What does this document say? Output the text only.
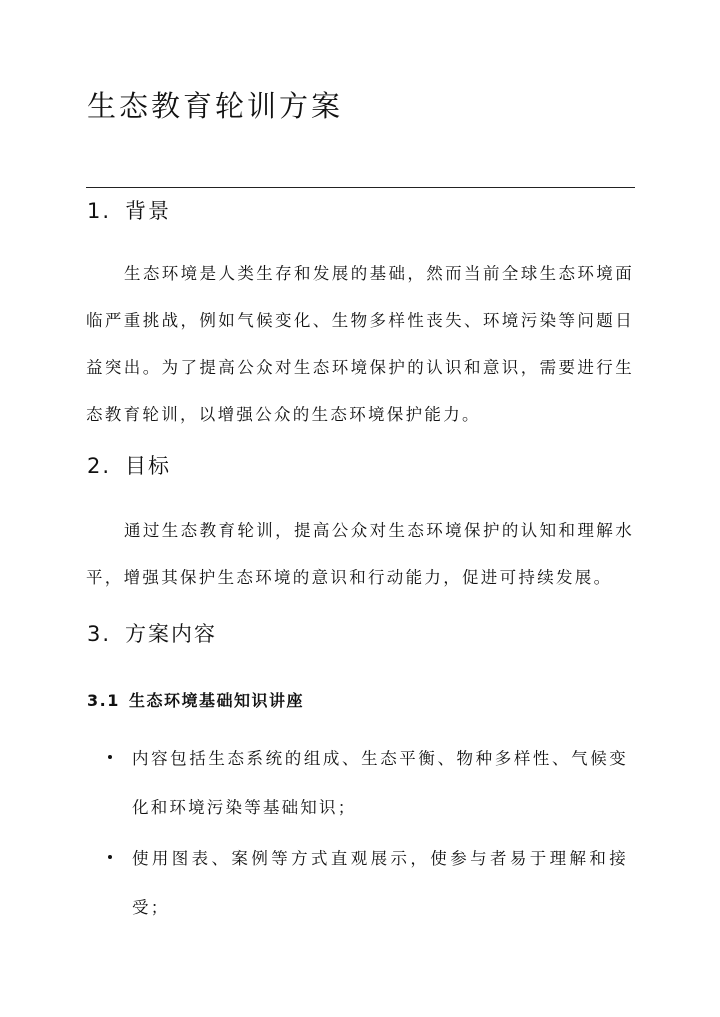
生态教育轮训方案
1. 背景

生态环境是人类生存和发展的基础，然而当前全球生态环境面临严重挑战，例如气候变化、生物多样性丧失、环境污染等问题日益突出。为了提高公众对生态环境保护的认识和意识，需要进行生态教育轮训，以增强公众的生态环境保护能力。

2. 目标

通过生态教育轮训，提高公众对生态环境保护的认知和理解水平，增强其保护生态环境的意识和行动能力，促进可持续发展。

3. 方案内容
3.1 生态环境基础知识讲座
内容包括生态系统的组成、生态平衡、物种多样性、气候变化和环境污染等基础知识；
使用图表、案例等方式直观展示，使参与者易于理解和接受；
